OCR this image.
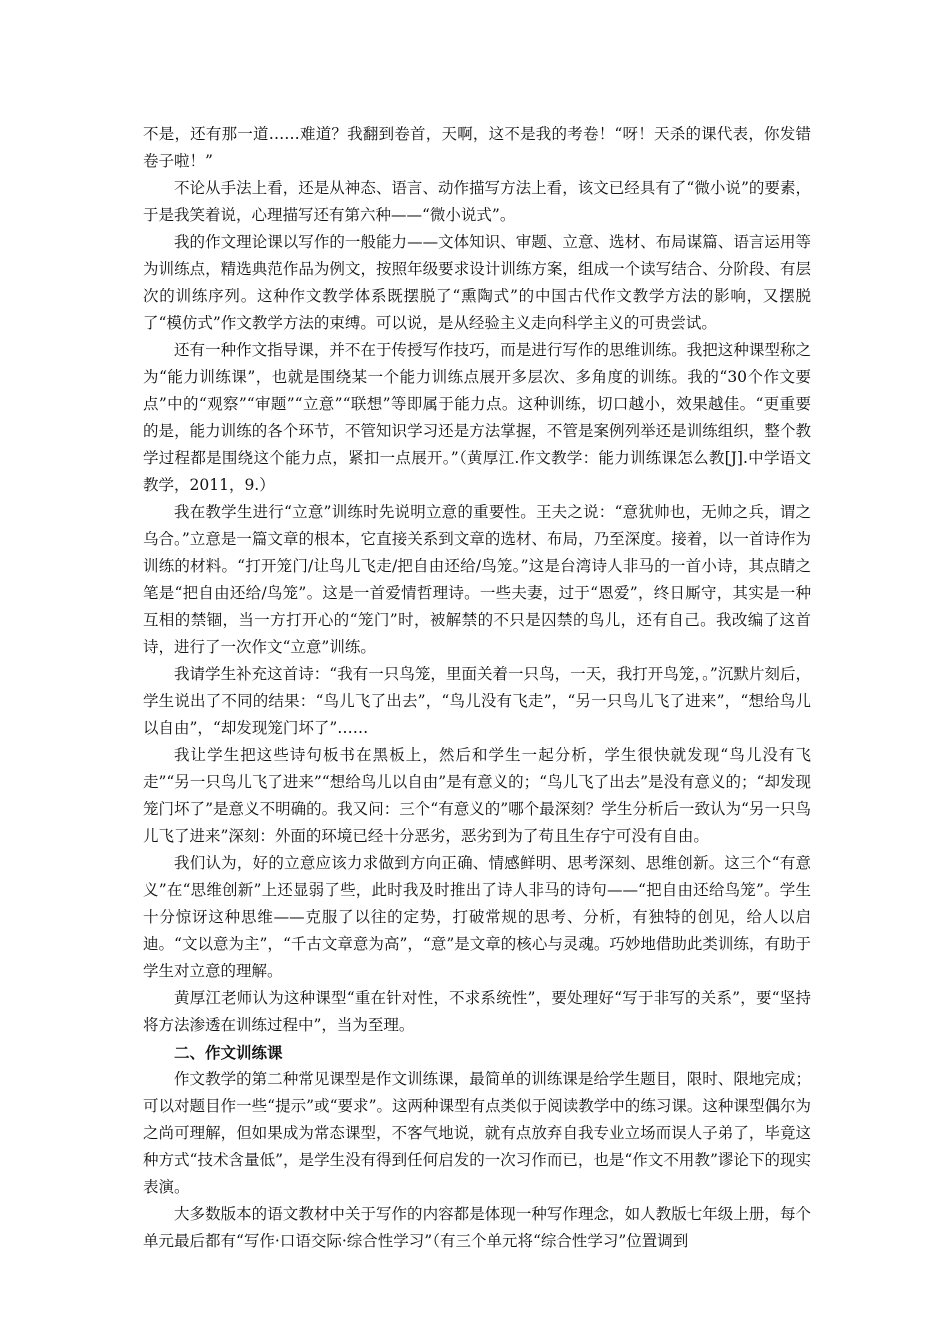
不是，还有那一道……难道？我翻到卷首，天啊，这不是我的考卷！“呀！天杀的课代表，你发错卷子啦！”

不论从手法上看，还是从神态、语言、动作描写方法上看，该文已经具有了“微小说”的要素，于是我笑着说，心理描写还有第六种——“微小说式”。

我的作文理论课以写作的一般能力——文体知识、审题、立意、选材、布局谋篇、语言运用等为训练点，精选典范作品为例文，按照年级要求设计训练方案，组成一个读写结合、分阶段、有层次的训练序列。这种作文教学体系既摆脱了“熏陶式”的中国古代作文教学方法的影响，又摆脱了“模仿式”作文教学方法的束缚。可以说，是从经验主义走向科学主义的可贵尝试。

还有一种作文指导课，并不在于传授写作技巧，而是进行写作的思维训练。我把这种课型称之为“能力训练课”，也就是围绕某一个能力训练点展开多层次、多角度的训练。我的“30个作文要点”中的“观察”“审题”“立意”“联想”等即属于能力点。这种训练，切口越小，效果越佳。“更重要的是，能力训练的各个环节，不管知识学习还是方法掌握，不管是案例列举还是训练组织，整个教学过程都是围绕这个能力点，紧扣一点展开。”（黄厚江.作文教学：能力训练课怎么教[J].中学语文教学，2011，9.）

我在教学生进行“立意”训练时先说明立意的重要性。王夫之说：“意犹帅也，无帅之兵，谓之乌合。”立意是一篇文章的根本，它直接关系到文章的选材、布局，乃至深度。接着，以一首诗作为训练的材料。“打开笼门/让鸟儿飞走/把自由还给/鸟笼。”这是台湾诗人非马的一首小诗，其点睛之笔是“把自由还给/鸟笼”。这是一首爱情哲理诗。一些夫妻，过于“恩爱”，终日厮守，其实是一种互相的禁锢，当一方打开心的“笼门”时，被解禁的不只是囚禁的鸟儿，还有自己。我改编了这首诗，进行了一次作文“立意”训练。

我请学生补充这首诗：“我有一只鸟笼，里面关着一只鸟，一天，我打开鸟笼，。”沉默片刻后，学生说出了不同的结果：“鸟儿飞了出去”，“鸟儿没有飞走”，“另一只鸟儿飞了进来”，“想给鸟儿以自由”，“却发现笼门坏了”……

我让学生把这些诗句板书在黑板上，然后和学生一起分析，学生很快就发现“鸟儿没有飞走”“另一只鸟儿飞了进来”“想给鸟儿以自由”是有意义的；“鸟儿飞了出去”是没有意义的；“却发现笼门坏了”是意义不明确的。我又问：三个“有意义的”哪个最深刻？学生分析后一致认为“另一只鸟儿飞了进来”深刻：外面的环境已经十分恶劣，恶劣到为了苟且生存宁可没有自由。

我们认为，好的立意应该力求做到方向正确、情感鲜明、思考深刻、思维创新。这三个“有意义”在“思维创新”上还显弱了些，此时我及时推出了诗人非马的诗句——“把自由还给鸟笼”。学生十分惊讶这种思维——克服了以往的定势，打破常规的思考、分析，有独特的创见，给人以启迪。“文以意为主”，“千古文章意为高”，“意”是文章的核心与灵魂。巧妙地借助此类训练，有助于学生对立意的理解。

黄厚江老师认为这种课型“重在针对性，不求系统性”，要处理好“写于非写的关系”，要“坚持将方法渗透在训练过程中”，当为至理。

二、作文训练课

作文教学的第二种常见课型是作文训练课，最简单的训练课是给学生题目，限时、限地完成；可以对题目作一些“提示”或“要求”。这两种课型有点类似于阅读教学中的练习课。这种课型偶尔为之尚可理解，但如果成为常态课型，不客气地说，就有点放弃自我专业立场而误人子弟了，毕竟这种方式“技术含量低”，是学生没有得到任何启发的一次习作而已，也是“作文不用教”谬论下的现实表演。

大多数版本的语文教材中关于写作的内容都是体现一种写作理念，如人教版七年级上册，每个单元最后都有“写作·口语交际·综合性学习”（有三个单元将“综合性学习”位置调到
